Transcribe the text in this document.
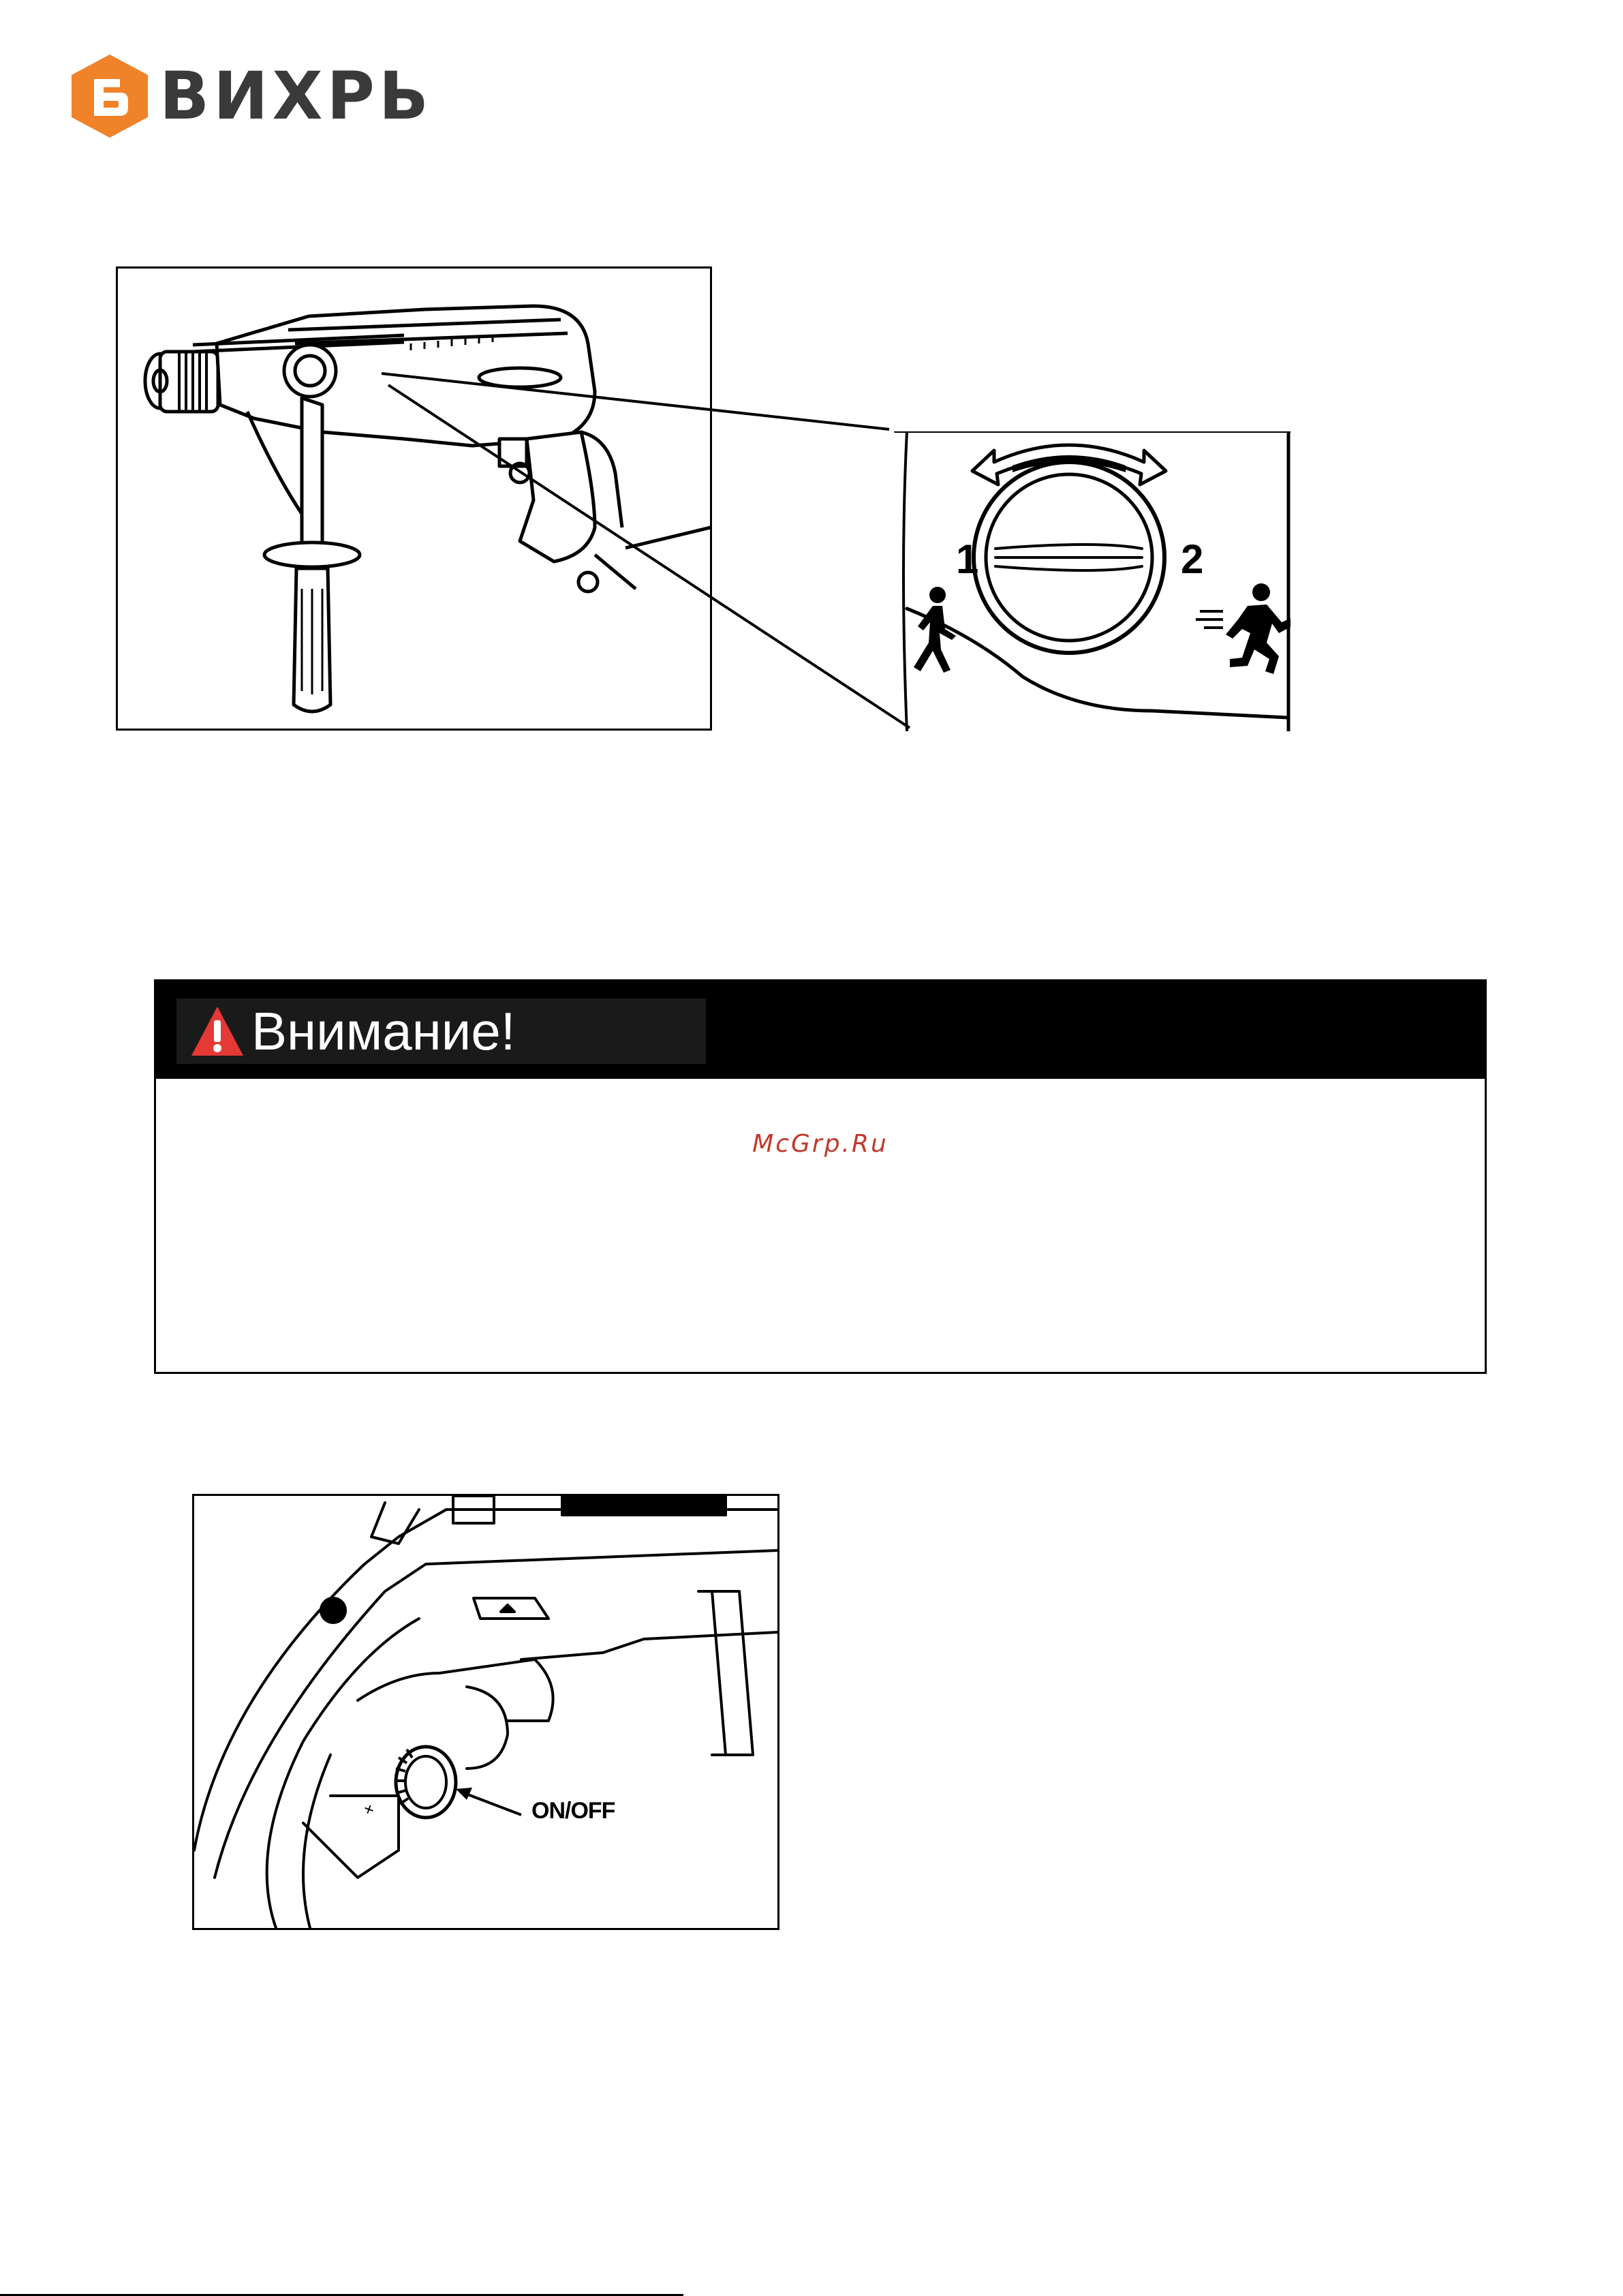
ВИХРЬ
1	2
Внимание!
McGrp.Ru
+	ON/OFF
